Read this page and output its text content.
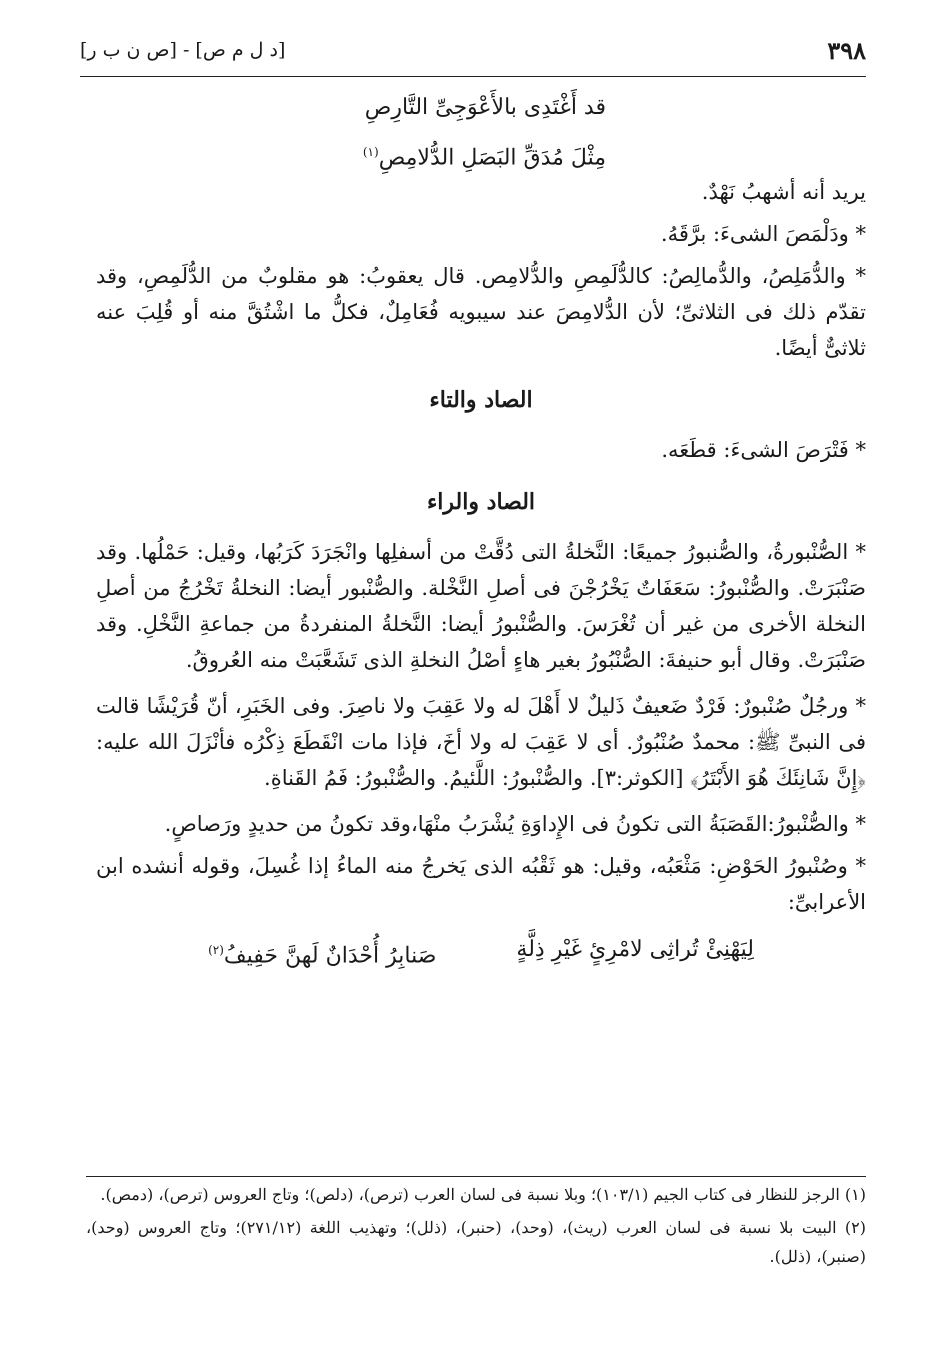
٣٩٨
[د ل م ص] - [ص ن ب ر]

قد أَغْتَدِى بالأَعْوَجِىِّ التَّارِصِ

مِثْلَ مُدَقِّ البَصَلِ الدُّلامِصِ$^{(١)}$

يريد أنه أشهبُ نَهْدٌ.

* ودَلْمَصَ الشىءَ: برَّقَهُ.

* والدُّمَلِصُ، والدُّمالِصُ: كالدُّلَمِصِ والدُّلامِص. قال يعقوبُ: هو مقلوبٌ من الدُّلَمِصِ، وقد تقدّم ذلك فى الثلاثىِّ؛ لأن الدُّلامِصَ عند سيبويه فُعَامِلٌ، فكلُّ ما اشْتُقَّ منه أو قُلِبَ عنه ثلاثىٌّ أيضًا.

الصاد والتاء

* فَتْرَصَ الشىءَ: قطَعَه.

الصاد والراء

* الصُّنْبورةُ، والصُّنبورُ جميعًا: النَّخلةُ التى دُقَّتْ من أسفلِها وانْجَرَدَ كَرَبُها، وقيل: حَمْلُها. وقد صَنْبَرَتْ. والصُّنْبورُ: سَعَفَاتٌ يَخْرُجْنَ فى أصلِ النَّخْلة. والصُّنْبور أيضا: النخلةُ تَخْرُجُ من أصلِ النخلة الأخرى من غير أن تُغْرَسَ. والصُّنْبورُ أيضا: النَّخلةُ المنفردةُ من جماعةِ النَّخْلِ. وقد صَنْبَرَتْ. وقال أبو حنيفةَ: الصُّنْبُورُ بغير هاءٍ أصْلُ النخلةِ الذى تَشَعَّبَتْ منه العُروقُ.

* ورجُلٌ صُنْبورٌ: فَرْدٌ ضَعيفٌ ذَليلٌ لا أَهْلَ له ولا عَقِبَ ولا ناصِرَ. وفى الخَبَرِ، أنّ قُرَيْشًا قالت فى النبىِّ ﷺ: محمدٌ صُنْبُورٌ. أى لا عَقِبَ له ولا أخَ، فإذا مات انْقَطَعَ ذِكْرُه فأنْزَلَ الله عليه: ﴿إِنَّ شَانِئَكَ هُوَ الأَبْتَرُ﴾ [الكوثر:٣]. والصُّنْبورُ: اللَّئيمُ. والصُّنْبورُ: فَمُ القَناةِ.

* والصُّنْبورُ:القَصَبَةُ التى تكونُ فى الإِداوَةِ يُشْرَبُ منْهَا،وقد تكونُ من حديدٍ ورَصاصٍ.

* وصُنْبورُ الحَوْضِ: مَثْعَبُه، وقيل: هو ثَقْبُه الذى يَخرجُ منه الماءُ إذا غُسِلَ، وقوله أنشده ابن الأعرابىِّ:

لِيَهْنِئْ تُراثِى لامْرِئٍ غَيْرِ ذِلَّةٍ
صَنابِرُ أُحْدَانٌ لَهنَّ حَفِيفُ$^{(٢)}$

(١) الرجز للنظار فى كتاب الجيم (١٠٣/١)؛ وبلا نسبة فى لسان العرب (ترص)، (دلص)؛ وتاج العروس (ترص)، (دمص).

(٢) البيت بلا نسبة فى لسان العرب (ريث)، (وحد)، (حنبر)، (ذلل)؛ وتهذيب اللغة (٢٧١/١٢)؛ وتاج العروس (وحد)، (صنبر)، (ذلل).
